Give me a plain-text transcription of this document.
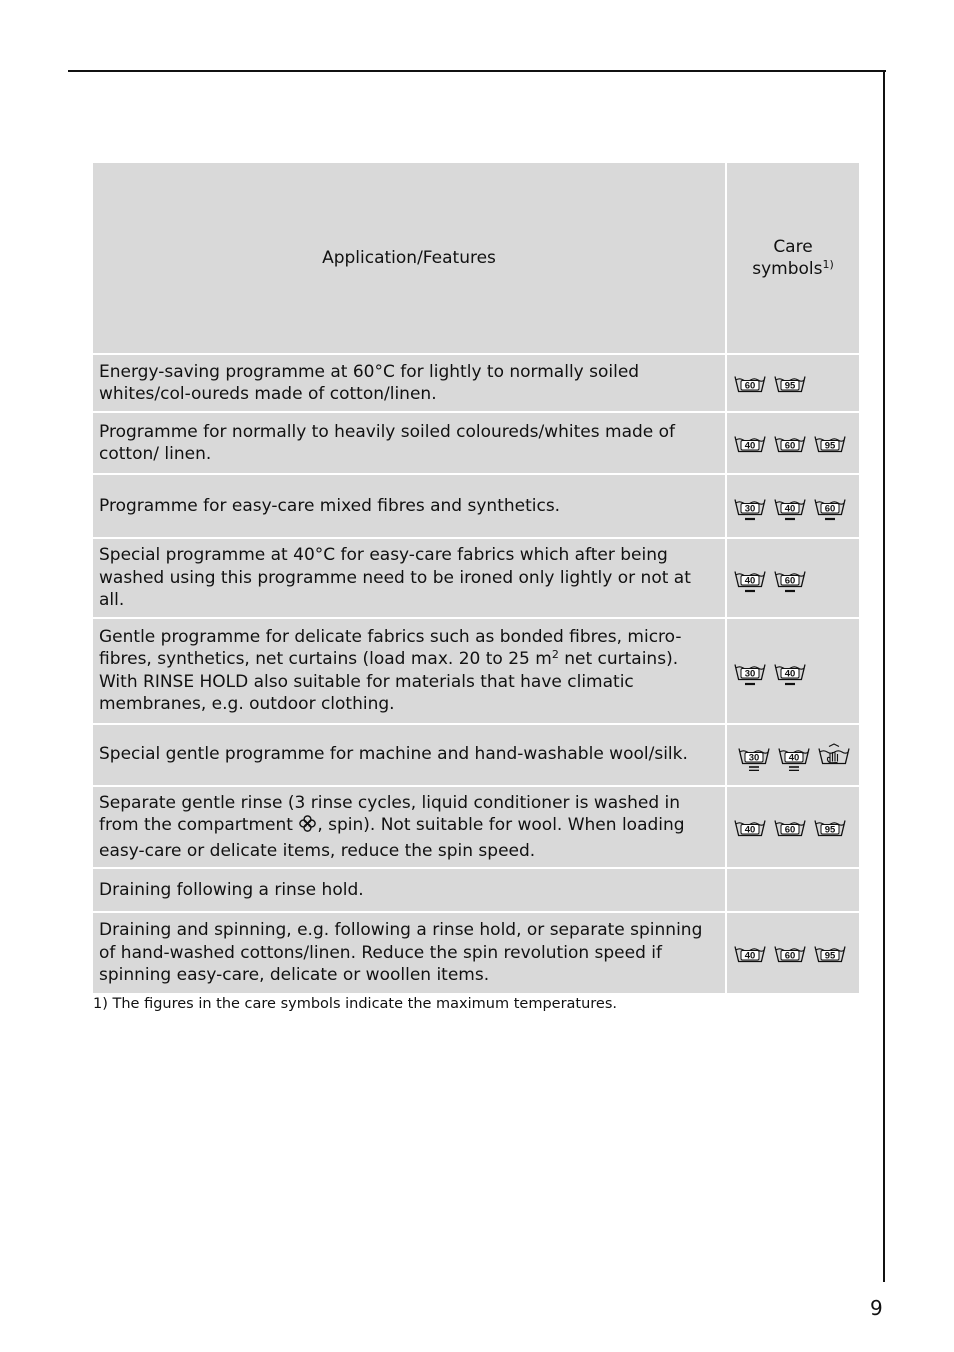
Application/Features	Care
symbols$^{1)}$
Energy-saving programme at 60°C for lightly to normally soiled whites/col-oureds made of cotton/linen.	60 95

Programme for normally to heavily soiled coloureds/whites made of cotton/ linen.	40 60 95

Programme for easy-care mixed fibres and synthetics.	30 40 60

Special programme at 40°C for easy-care fabrics which after being washed using this programme need to be ironed only lightly or not at all.	40 60

Gentle programme for delicate fabrics such as bonded fibres, micro-fibres, synthetics, net curtains (load max. 20 to 25 $m^2$ net curtains). With RINSE HOLD also suitable for materials that have climatic membranes, e.g. outdoor clothing.	30 40

Special gentle programme for machine and hand-washable wool/silk.	30 40

Separate gentle rinse (3 rinse cycles, liquid conditioner is washed in from the compartment , spin). Not suitable for wool. When loading easy-care or delicate items, reduce the spin speed.	40 60 95

Draining following a rinse hold.	
Draining and spinning, e.g. following a rinse hold, or separate spinning of hand-washed cottons/linen. Reduce the spin revolution speed if spinning easy-care, delicate or woollen items.	40 60 95
1) The figures in the care symbols indicate the maximum temperatures.
9
